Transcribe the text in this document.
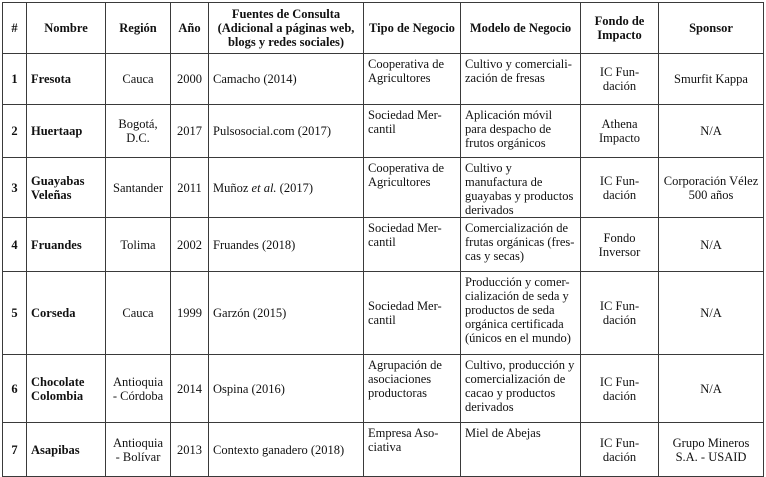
#	Nombre	Región	Año	Fuentes de Consulta (Adicional a páginas web, blogs y redes sociales)	Tipo de Negocio	Modelo de Negocio	Fondo de Impacto	Sponsor
1	Fresota	Cauca	2000	Camacho (2014)	Cooperativa de Agricultores	Cultivo y comerciali- zación de fresas	IC Fun- dación	Smurfit Kappa
2	Huertaap	Bogotá, D.C.	2017	Pulsosocial.com (2017)	Sociedad Mer- cantil	Aplicación móvil para despacho de frutos orgánicos	Athena Impacto	N/A
3	Guayabas Veleñas	Santander	2011	Muñoz et al. (2017)	Cooperativa de Agricultores	Cultivo y manufactura de guayabas y productos derivados	IC Fun- dación	Corporación Vélez 500 años
4	Fruandes	Tolima	2002	Fruandes (2018)	Sociedad Mer- cantil	Comercialización de frutas orgánicas (fres- cas y secas)	Fondo Inversor	N/A
5	Corseda	Cauca	1999	Garzón (2015)	Sociedad Mer- cantil	Producción y comer- cialización de seda y productos de seda orgánica certificada (únicos en el mundo)	IC Fun- dación	N/A
6	Chocolate Colombia	Antioquia - Córdoba	2014	Ospina (2016)	Agrupación de asociaciones productoras	Cultivo, producción y comercialización de cacao y productos derivados	IC Fun- dación	N/A
7	Asapibas	Antioquia - Bolívar	2013	Contexto ganadero (2018)	Empresa Aso- ciativa	Miel de Abejas	IC Fun- dación	Grupo Mineros S.A. - USAID
